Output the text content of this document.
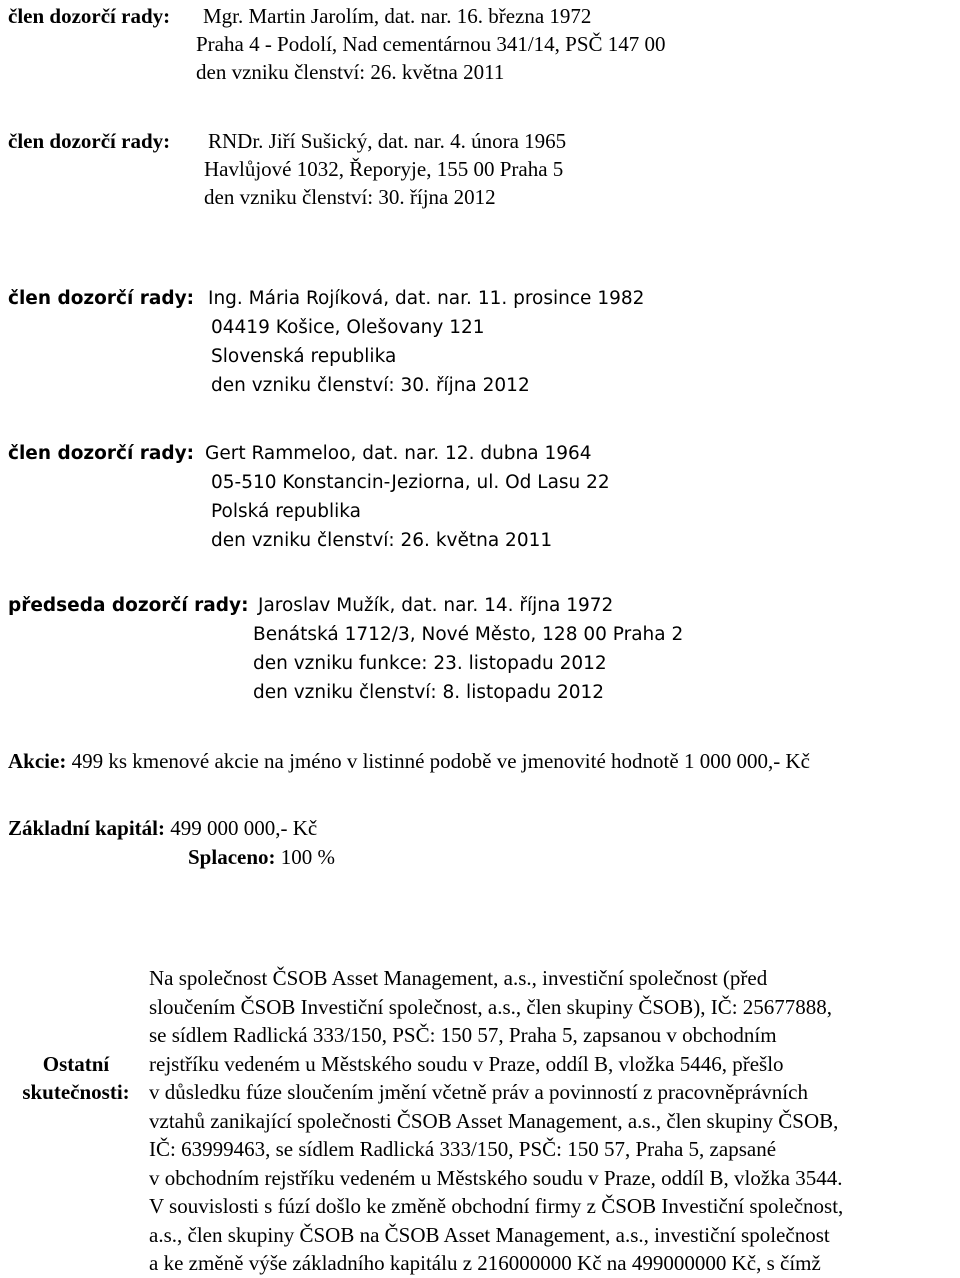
člen dozorčí rady: Mgr. Martin Jarolím, dat. nar. 16. března 1972
Praha 4 - Podolí, Nad cementárnou 341/14, PSČ 147 00
den vzniku členství: 26. května 2011
člen dozorčí rady: RNDr. Jiří Sušický, dat. nar. 4. února 1965
Havlůjové 1032, Řeporyje, 155 00 Praha 5
den vzniku členství: 30. října 2012
člen dozorčí rady: Ing. Mária Rojíková, dat. nar. 11. prosince 1982
04419 Košice, Olešovany 121
Slovenská republika
den vzniku členství: 30. října 2012
člen dozorčí rady: Gert Rammeloo, dat. nar. 12. dubna 1964
05-510 Konstancin-Jeziorna, ul. Od Lasu 22
Polská republika
den vzniku členství: 26. května 2011
předseda dozorčí rady: Jaroslav Mužík, dat. nar. 14. října 1972
Benátská 1712/3, Nové Město, 128 00 Praha 2
den vzniku funkce: 23. listopadu 2012
den vzniku členství: 8. listopadu 2012
Akcie: 499 ks kmenové akcie na jméno v listinné podobě ve jmenovité hodnotě 1 000 000,- Kč
Základní kapitál: 499 000 000,- Kč
Splaceno: 100 %
Ostatní
skutečnosti:
Na společnost ČSOB Asset Management, a.s., investiční společnost (před
sloučením ČSOB Investiční společnost, a.s., člen skupiny ČSOB), IČ: 25677888,
se sídlem Radlická 333/150, PSČ: 150 57, Praha 5, zapsanou v obchodním
rejstříku vedeném u Městského soudu v Praze, oddíl B, vložka 5446, přešlo
v důsledku fúze sloučením jmění včetně práv a povinností z pracovněprávních
vztahů zanikající společnosti ČSOB Asset Management, a.s., člen skupiny ČSOB,
IČ: 63999463, se sídlem Radlická 333/150, PSČ: 150 57, Praha 5, zapsané
v obchodním rejstříku vedeném u Městského soudu v Praze, oddíl B, vložka 3544.
V souvislosti s fúzí došlo ke změně obchodní firmy z ČSOB Investiční společnost,
a.s., člen skupiny ČSOB na ČSOB Asset Management, a.s., investiční společnost
a ke změně výše základního kapitálu z 216000000 Kč na 499000000 Kč, s čímž
